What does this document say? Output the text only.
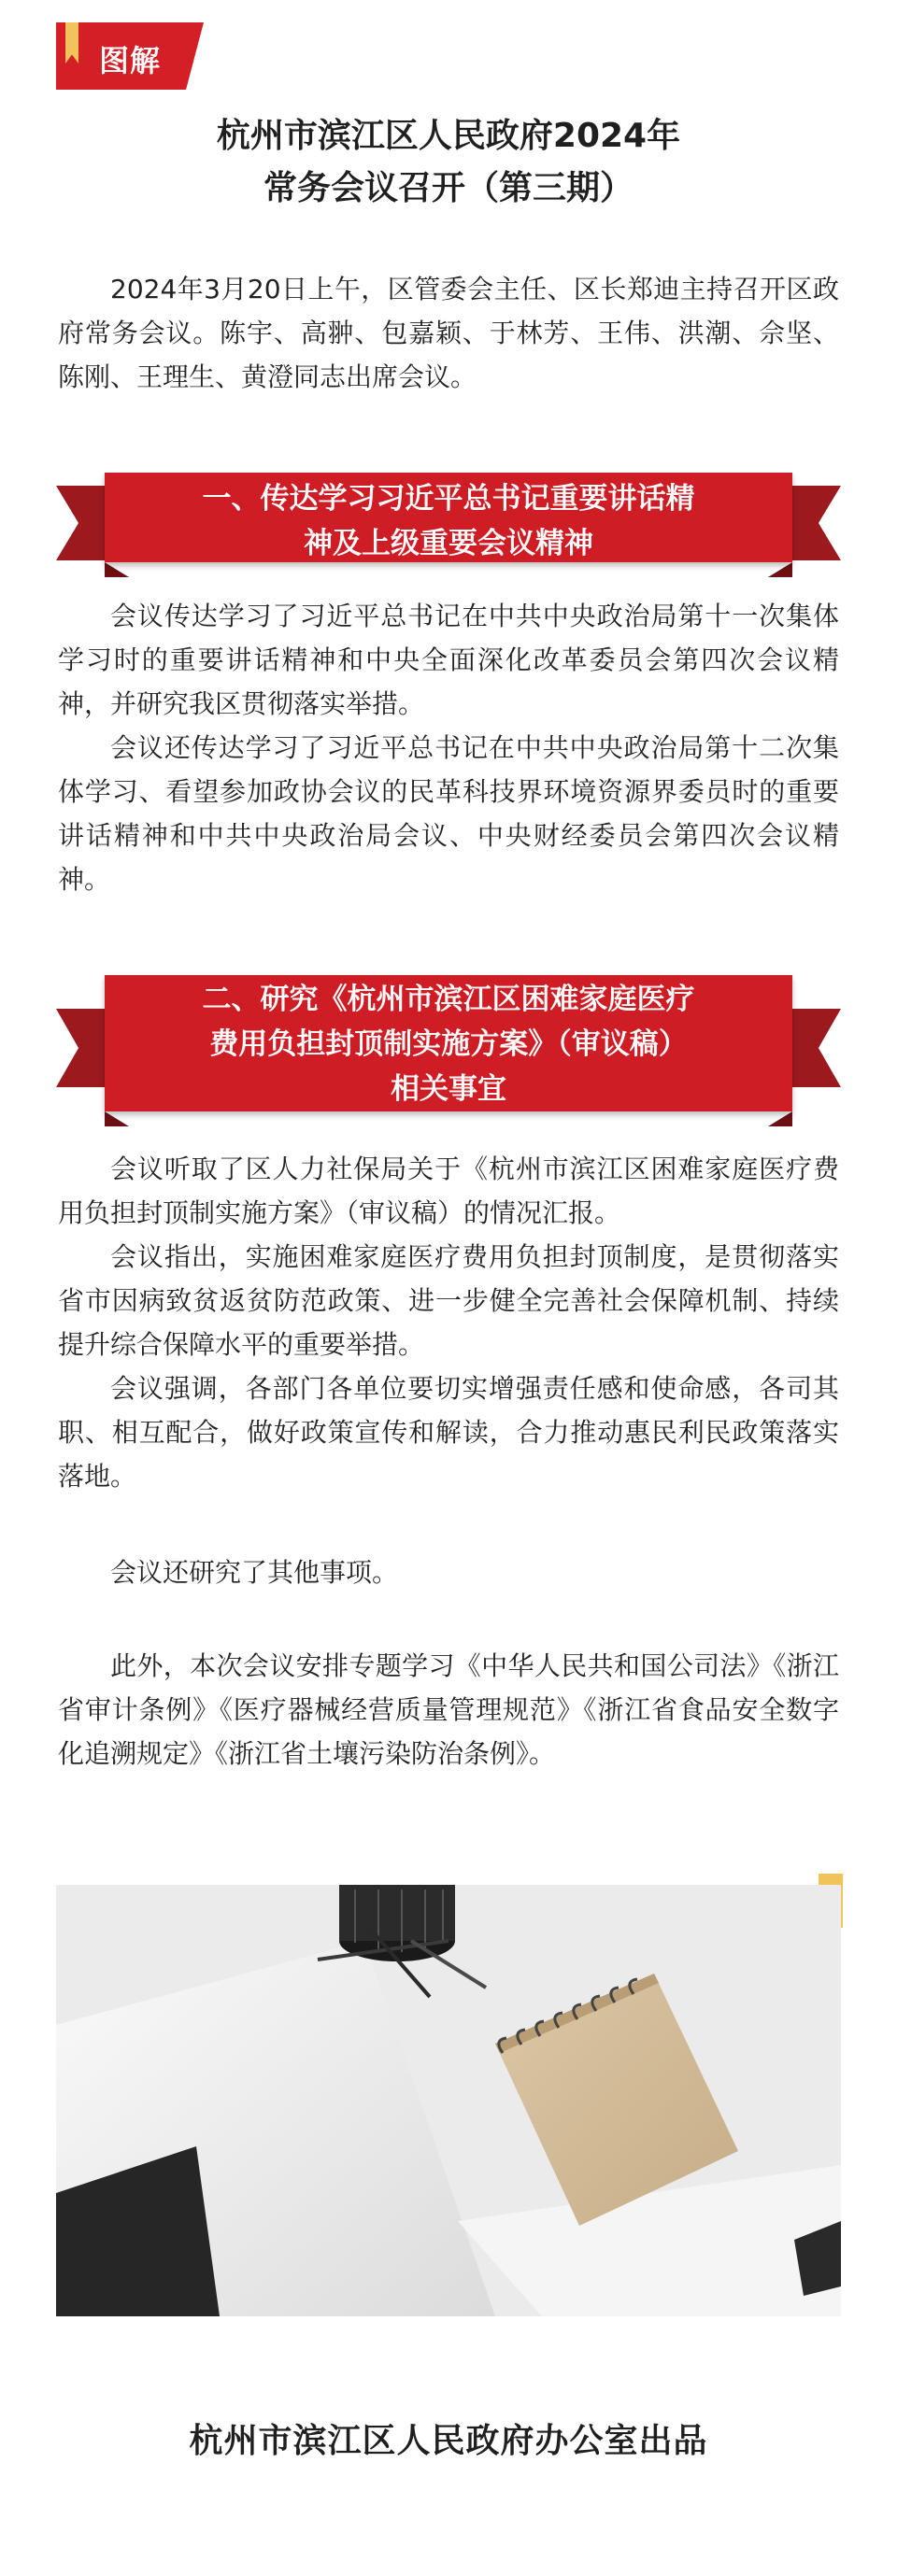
图解
杭州市滨江区人民政府2024年
常务会议召开（第三期）

2024年3月20日上午，区管委会主任、区长郑迪主持召开区政府常务会议。陈宇、高翀、包嘉颖、于林芳、王伟、洪潮、佘坚、陈刚、王理生、黄澄同志出席会议。

一、传达学习习近平总书记重要讲话精
神及上级重要会议精神

会议传达学习了习近平总书记在中共中央政治局第十一次集体学习时的重要讲话精神和中央全面深化改革委员会第四次会议精神，并研究我区贯彻落实举措。

会议还传达学习了习近平总书记在中共中央政治局第十二次集体学习、看望参加政协会议的民革科技界环境资源界委员时的重要讲话精神和中共中央政治局会议、中央财经委员会第四次会议精神。

二、研究《杭州市滨江区困难家庭医疗
费用负担封顶制实施方案》（审议稿）
相关事宜

会议听取了区人力社保局关于《杭州市滨江区困难家庭医疗费用负担封顶制实施方案》（审议稿）的情况汇报。

会议指出，实施困难家庭医疗费用负担封顶制度，是贯彻落实省市因病致贫返贫防范政策、进一步健全完善社会保障机制、持续提升综合保障水平的重要举措。

会议强调，各部门各单位要切实增强责任感和使命感，各司其职、相互配合，做好政策宣传和解读，合力推动惠民利民政策落实落地。

会议还研究了其他事项。

此外，本次会议安排专题学习《中华人民共和国公司法》《浙江省审计条例》《医疗器械经营质量管理规范》《浙江省食品安全数字化追溯规定》《浙江省土壤污染防治条例》。

杭州市滨江区人民政府办公室出品
